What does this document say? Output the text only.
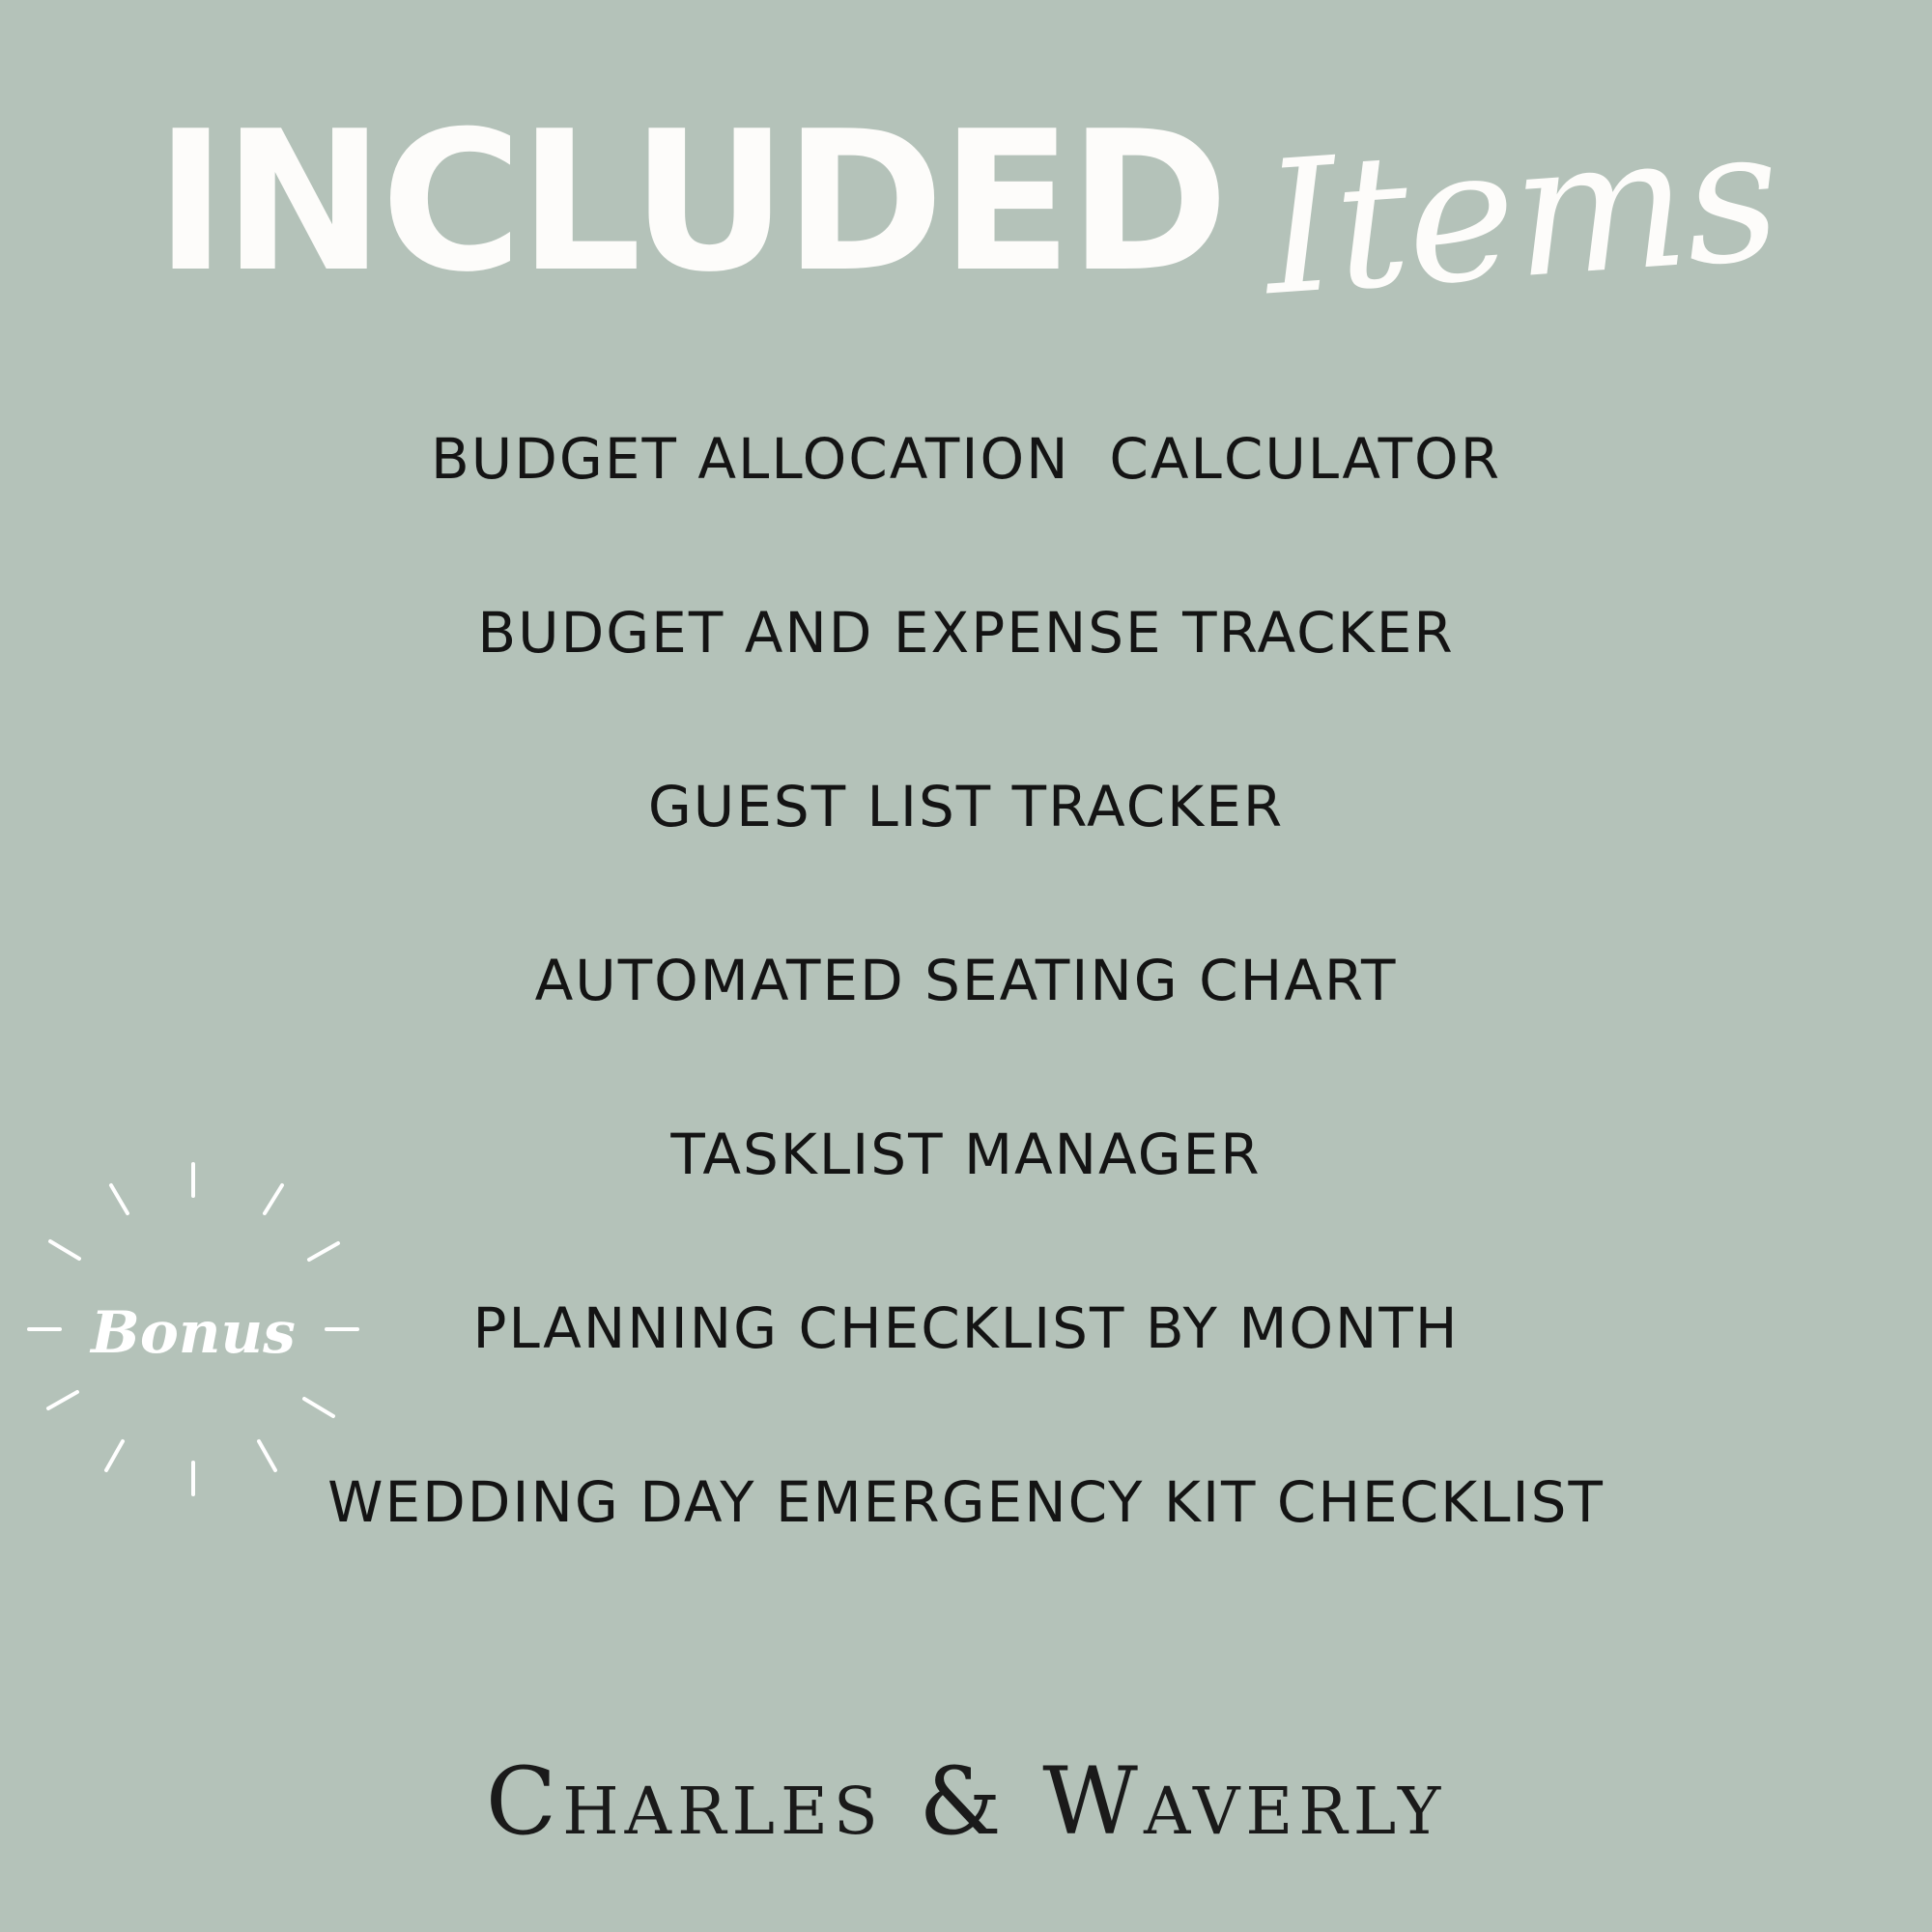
INCLUDED Items
BUDGET ALLOCATION  CALCULATOR
BUDGET AND EXPENSE TRACKER
GUEST LIST TRACKER
AUTOMATED SEATING CHART
TASKLIST MANAGER
PLANNING CHECKLIST BY MONTH
WEDDING DAY EMERGENCY KIT CHECKLIST
Bonus
Charles & Waverly
